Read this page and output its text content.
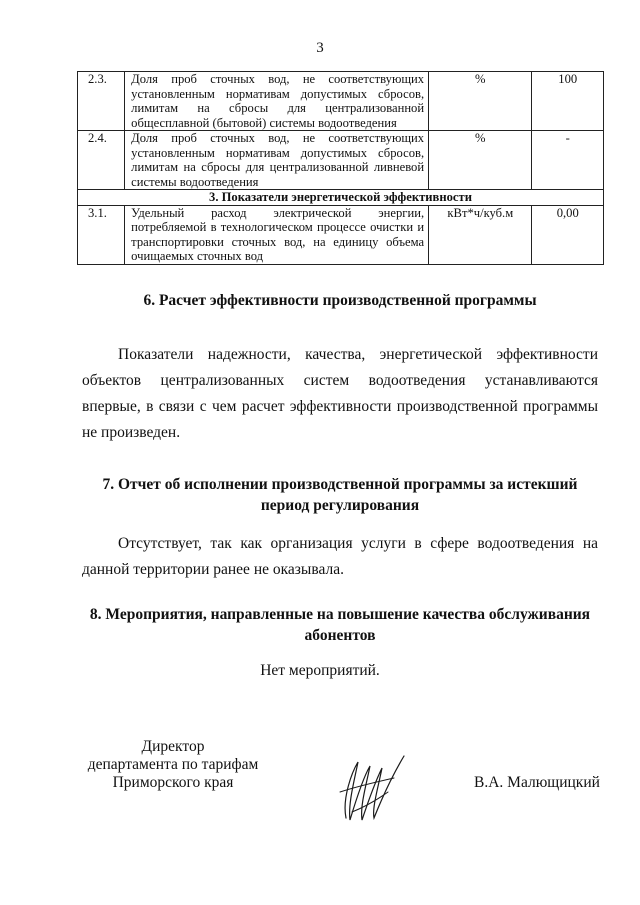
3
2.3.	Доля проб сточных вод, не соответствующих установленным нормативам допустимых сбросов, лимитам на сбросы для централизованной общесплавной (бытовой) системы водоотведения	%	100
2.4.	Доля проб сточных вод, не соответствующих установленным нормативам допустимых сбросов, лимитам на сбросы для централизованной ливневой системы водоотведения	%	-
3. Показатели энергетической эффективности			
3.1.	Удельный расход электрической энергии, потребляемой в технологическом процессе очистки и транспортировки сточных вод, на единицу объема очищаемых сточных вод	кВт*ч/куб.м	0,00
6. Расчет эффективности производственной программы

Показатели надежности, качества, энергетической эффективности объектов централизованных систем водоотведения устанавливаются впервые, в связи с чем расчет эффективности производственной программы не произведен.

7. Отчет об исполнении производственной программы за истекший период регулирования

Отсутствует, так как организация услуги в сфере водоотведения на данной территории ранее не оказывала.

8. Мероприятия, направленные на повышение качества обслуживания абонентов

Нет мероприятий.

Директор
департамента по тарифам
Приморского края	В.А. Малющицкий
